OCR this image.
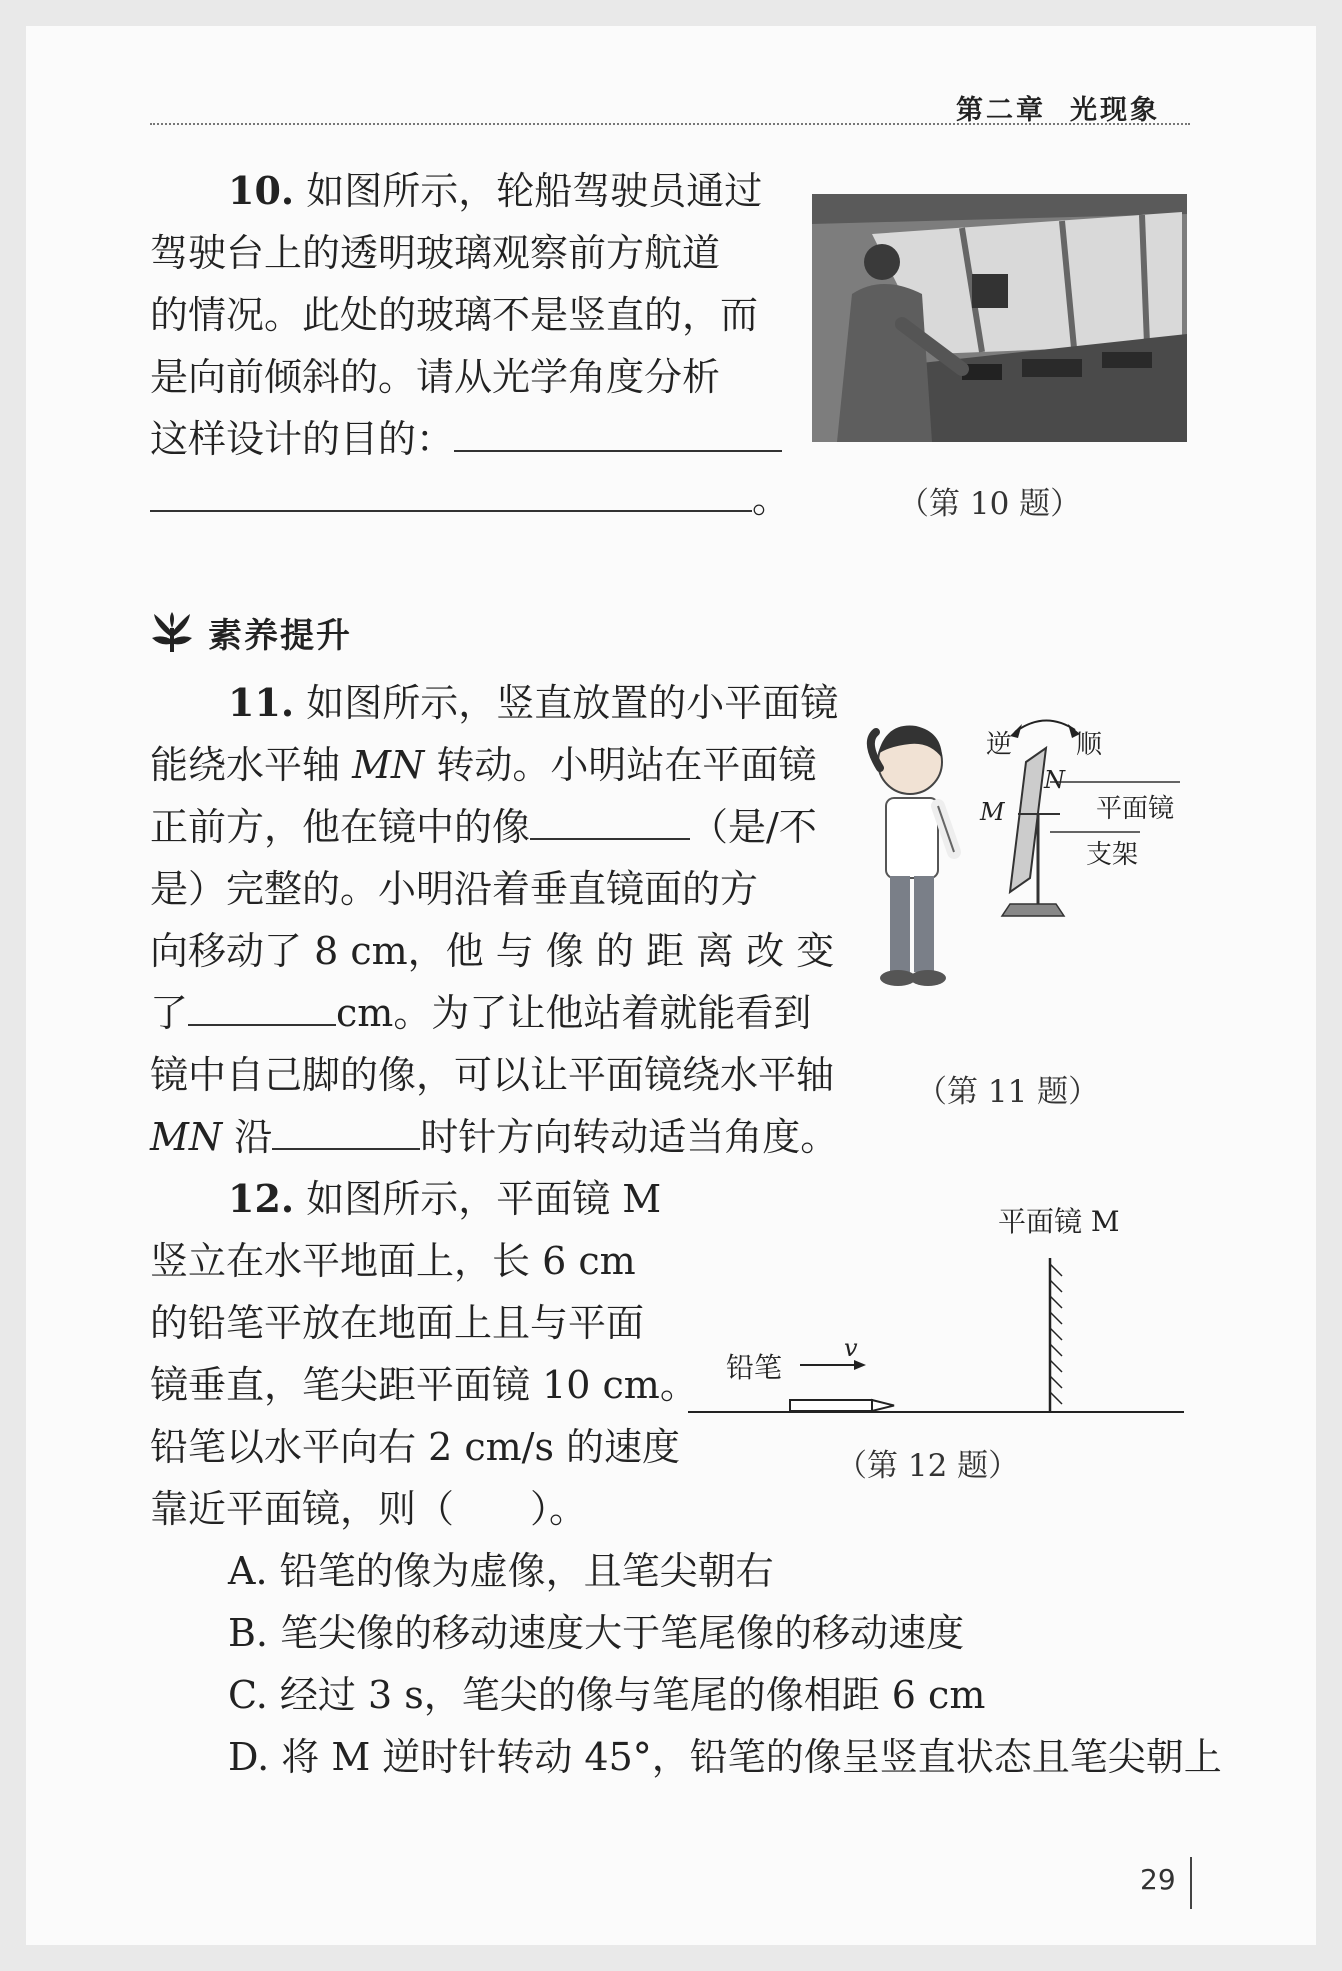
第二章 光现象
10. 如图所示，轮船驾驶员通过
驾驶台上的透明玻璃观察前方航道
的情况。此处的玻璃不是竖直的，而
是向前倾斜的。请从光学角度分析
这样设计的目的：
。	（第 10 题）
素养提升
11. 如图所示，竖直放置的小平面镜
能绕水平轴 MN 转动。小明站在平面镜
正前方，他在镜中的像	（是/不
是）完整的。小明沿着垂直镜面的方
向移动了 8 cm，他 与 像 的 距 离 改 变
了	cm。为了让他站着就能看到
镜中自己脚的像，可以让平面镜绕水平轴
MN 沿	时针方向转动适当角度。
逆 顺
N
M	平面镜
支架
（第 11 题）
12. 如图所示，平面镜 M
竖立在水平地面上，长 6 cm
的铅笔平放在地面上且与平面
镜垂直，笔尖距平面镜 10 cm。
铅笔以水平向右 2 cm/s 的速度
靠近平面镜，则（　　）。
平面镜 M
铅笔
v
（第 12 题）
A. 铅笔的像为虚像，且笔尖朝右
B. 笔尖像的移动速度大于笔尾像的移动速度
C. 经过 3 s，笔尖的像与笔尾的像相距 6 cm
D. 将 M 逆时针转动 45°，铅笔的像呈竖直状态且笔尖朝上
29
